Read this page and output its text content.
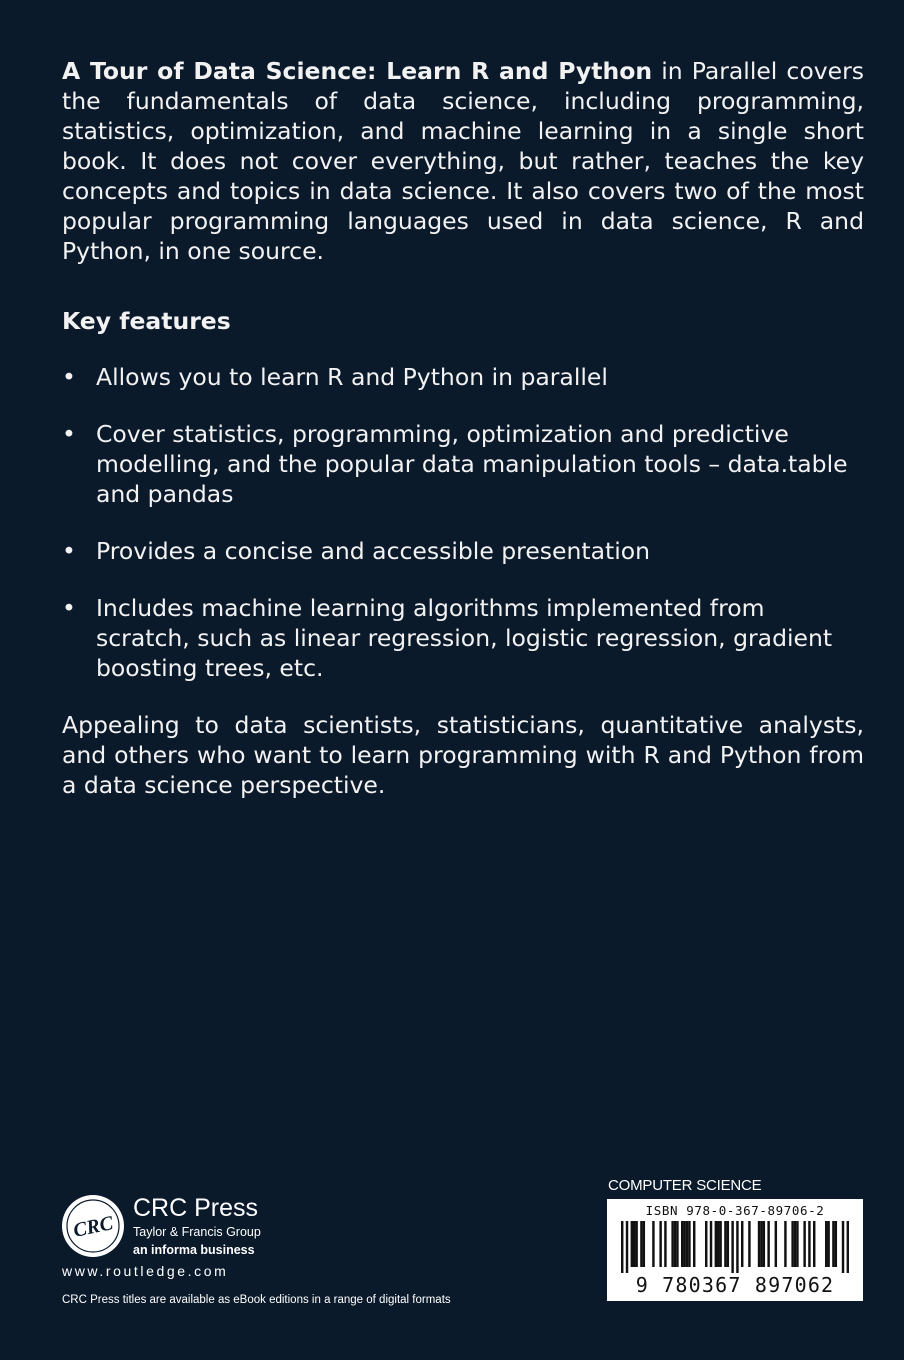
A Tour of Data Science: Learn R and Python in Parallel covers the fundamentals of data science, including programming, statistics, optimization, and machine learning in a single short book. It does not cover everything, but rather, teaches the key concepts and topics in data science. It also covers two of the most popular programming languages used in data science, R and Python, in one source.

Key features
• Allows you to learn R and Python in parallel
• Cover statistics, programming, optimization and predictive modelling, and the popular data manipulation tools – data.table and pandas
• Provides a concise and accessible presentation
• Includes machine learning algorithms implemented from scratch, such as linear regression, logistic regression, gradient boosting trees, etc.

Appealing to data scientists, statisticians, quantitative analysts, and others who want to learn programming with R and Python from a data science perspective.

CRC
CRC Press
Taylor & Francis Group
an informa business
www.routledge.com
CRC Press titles are available as eBook editions in a range of digital formats
COMPUTER SCIENCE
ISBN 978-0-367-89706-2
9 780367 897062
